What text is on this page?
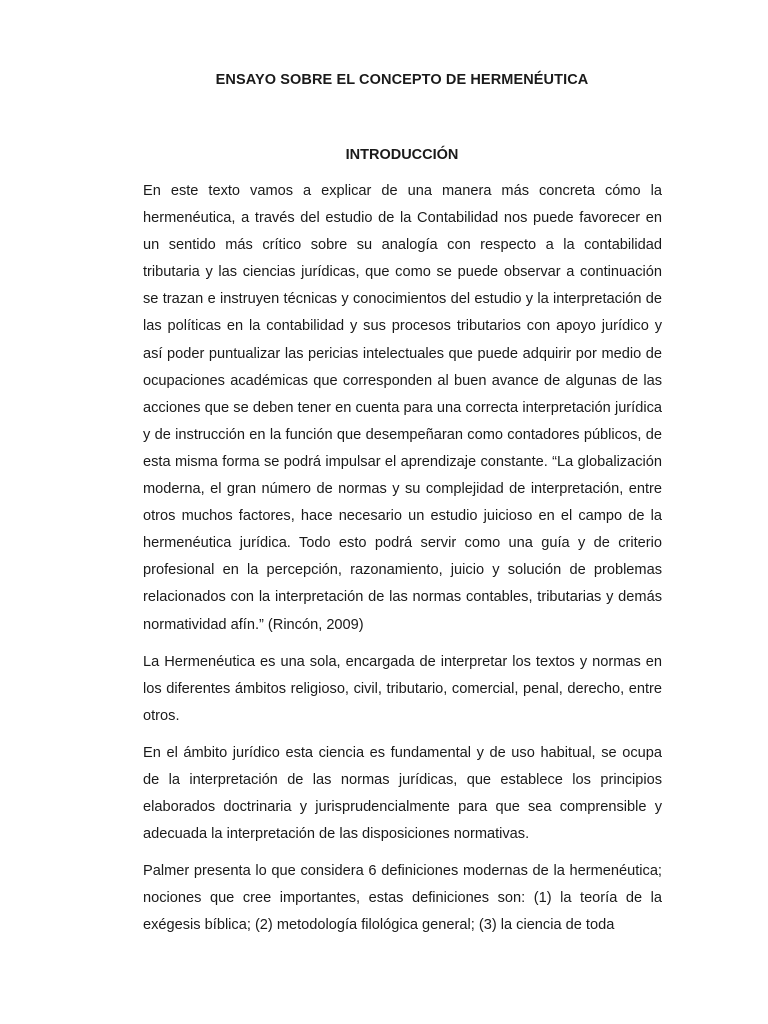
ENSAYO SOBRE EL CONCEPTO DE HERMENÉUTICA
INTRODUCCIÓN

En este texto vamos a explicar de una manera más concreta cómo la hermenéutica, a través del estudio de la Contabilidad nos puede favorecer en un sentido más crítico sobre su analogía con respecto a la contabilidad tributaria y las ciencias jurídicas, que como se puede observar a continuación se trazan e instruyen técnicas y conocimientos del estudio y la interpretación de las políticas en la contabilidad y sus procesos tributarios con apoyo jurídico y así poder puntualizar las pericias intelectuales que puede adquirir por medio de ocupaciones académicas que corresponden al buen avance de algunas de las acciones que se deben tener en cuenta para una correcta interpretación jurídica y de instrucción en la función que desempeñaran como contadores públicos, de esta misma forma se podrá impulsar el aprendizaje constante. “La globalización moderna, el gran número de normas y su complejidad de interpretación, entre otros muchos factores, hace necesario un estudio juicioso en el campo de la hermenéutica jurídica. Todo esto podrá servir como una guía y de criterio profesional en la percepción, razonamiento, juicio y solución de problemas relacionados con la interpretación de las normas contables, tributarias y demás normatividad afín.” (Rincón, 2009)

La Hermenéutica es una sola, encargada de interpretar los textos y normas en los diferentes ámbitos religioso, civil, tributario, comercial, penal, derecho, entre otros.

En el ámbito jurídico esta ciencia es fundamental y de uso habitual, se ocupa de la interpretación de las normas jurídicas, que establece los principios elaborados doctrinaria y jurisprudencialmente para que sea comprensible y adecuada la interpretación de las disposiciones normativas.

Palmer presenta lo que considera 6 definiciones modernas de la hermenéutica; nociones que cree importantes, estas definiciones son: (1) la teoría de la exégesis bíblica; (2) metodología filológica general; (3) la ciencia de toda
